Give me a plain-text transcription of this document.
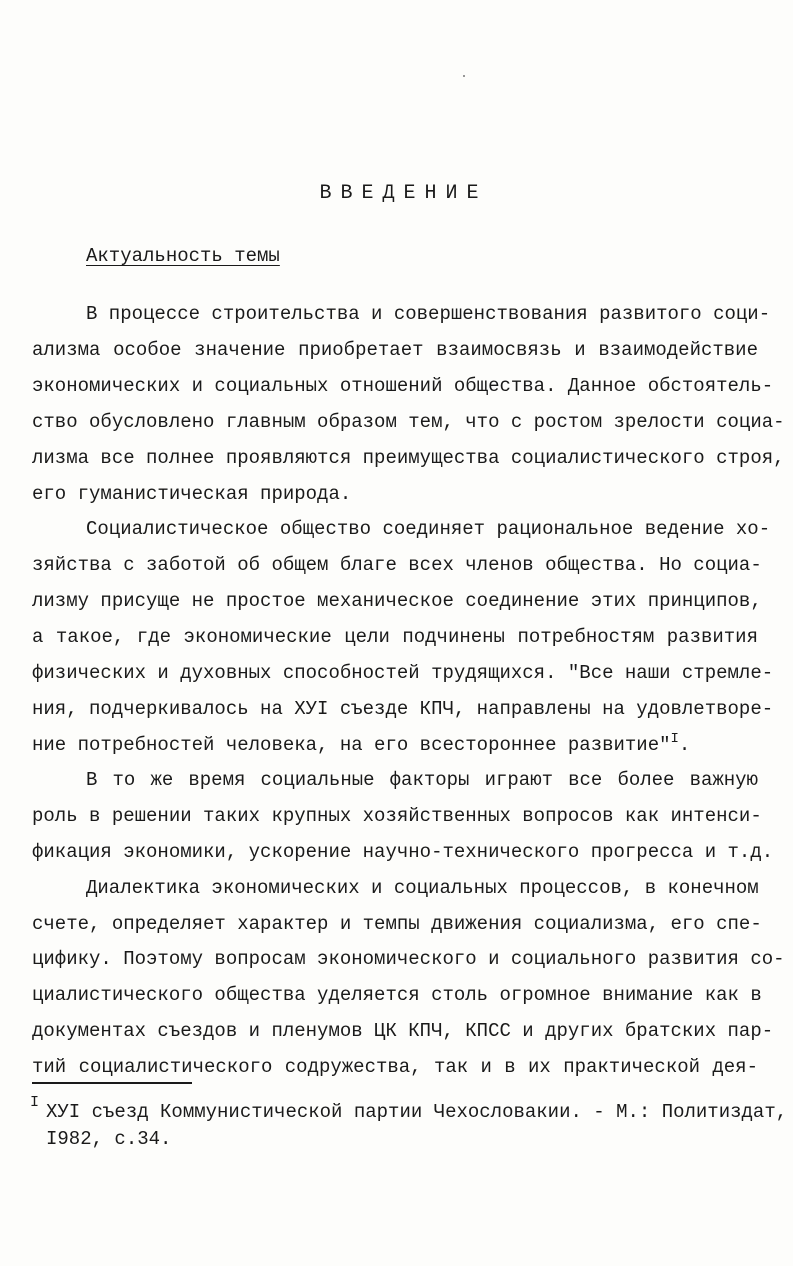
ВВЕДЕНИЕ
Актуальность темы
В процессе строительства и совершенствования развитого соци-
ализма особое значение приобретает взаимосвязь и взаимодействие
экономических и социальных отношений общества. Данное обстоятель-
ство обусловлено главным образом тем, что с ростом зрелости социа-
лизма все полнее проявляются преимущества социалистического строя,
его гуманистическая природа.
Социалистическое общество соединяет рациональное ведение хо-
зяйства с заботой об общем благе всех членов общества. Но социа-
лизму присуще не простое механическое соединение этих принципов,
а такое, где экономические цели подчинены потребностям развития
физических и духовных способностей трудящихся. "Все наши стремле-
ния, подчеркивалось на ХУI съезде КПЧ, направлены на удовлетворе-
ние потребностей человека, на его всестороннее развитие"$^I$.
В то же время социальные факторы играют все более важную
роль в решении таких крупных хозяйственных вопросов как интенси-
фикация экономики, ускорение научно-технического прогресса и т.д.
Диалектика экономических и социальных процессов, в конечном
счете, определяет характер и темпы движения социализма, его спе-
цифику. Поэтому вопросам экономического и социального развития со-
циалистического общества уделяется столь огромное внимание как в
документах съездов и пленумов ЦК КПЧ, КПСС и других братских пар-
тий социалистического содружества, так и в их практической дея-
I ХУI съезд Коммунистической партии Чехословакии. - М.: Политиздат,
I982, с.34.
